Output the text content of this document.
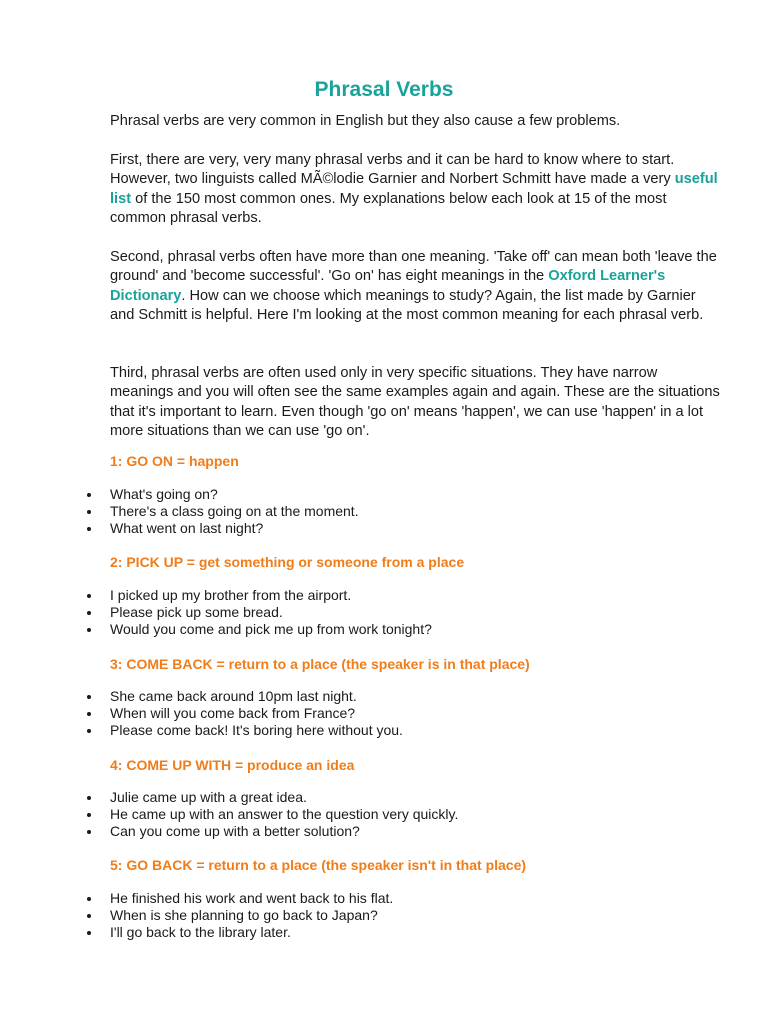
Phrasal Verbs

Phrasal verbs are very common in English but they also cause a few problems.

First, there are very, very many phrasal verbs and it can be hard to know where to start. However, two linguists called MÃ©lodie Garnier and Norbert Schmitt have made a very useful list of the 150 most common ones. My explanations below each look at 15 of the most common phrasal verbs.

Second, phrasal verbs often have more than one meaning. 'Take off' can mean both 'leave the ground' and 'become successful'. 'Go on' has eight meanings in the Oxford Learner's Dictionary. How can we choose which meanings to study? Again, the list made by Garnier and Schmitt is helpful. Here I'm looking at the most common meaning for each phrasal verb.

Third, phrasal verbs are often used only in very specific situations. They have narrow meanings and you will often see the same examples again and again. These are the situations that it's important to learn. Even though 'go on' means 'happen', we can use 'happen' in a lot more situations than we can use 'go on'.

1: GO ON = happen
What's going on?
There's a class going on at the moment.
What went on last night?
2: PICK UP = get something or someone from a place
I picked up my brother from the airport.
Please pick up some bread.
Would you come and pick me up from work tonight?
3: COME BACK = return to a place (the speaker is in that place)
She came back around 10pm last night.
When will you come back from France?
Please come back! It's boring here without you.
4: COME UP WITH = produce an idea
Julie came up with a great idea.
He came up with an answer to the question very quickly.
Can you come up with a better solution?
5: GO BACK = return to a place (the speaker isn't in that place)
He finished his work and went back to his flat.
When is she planning to go back to Japan?
I'll go back to the library later.
